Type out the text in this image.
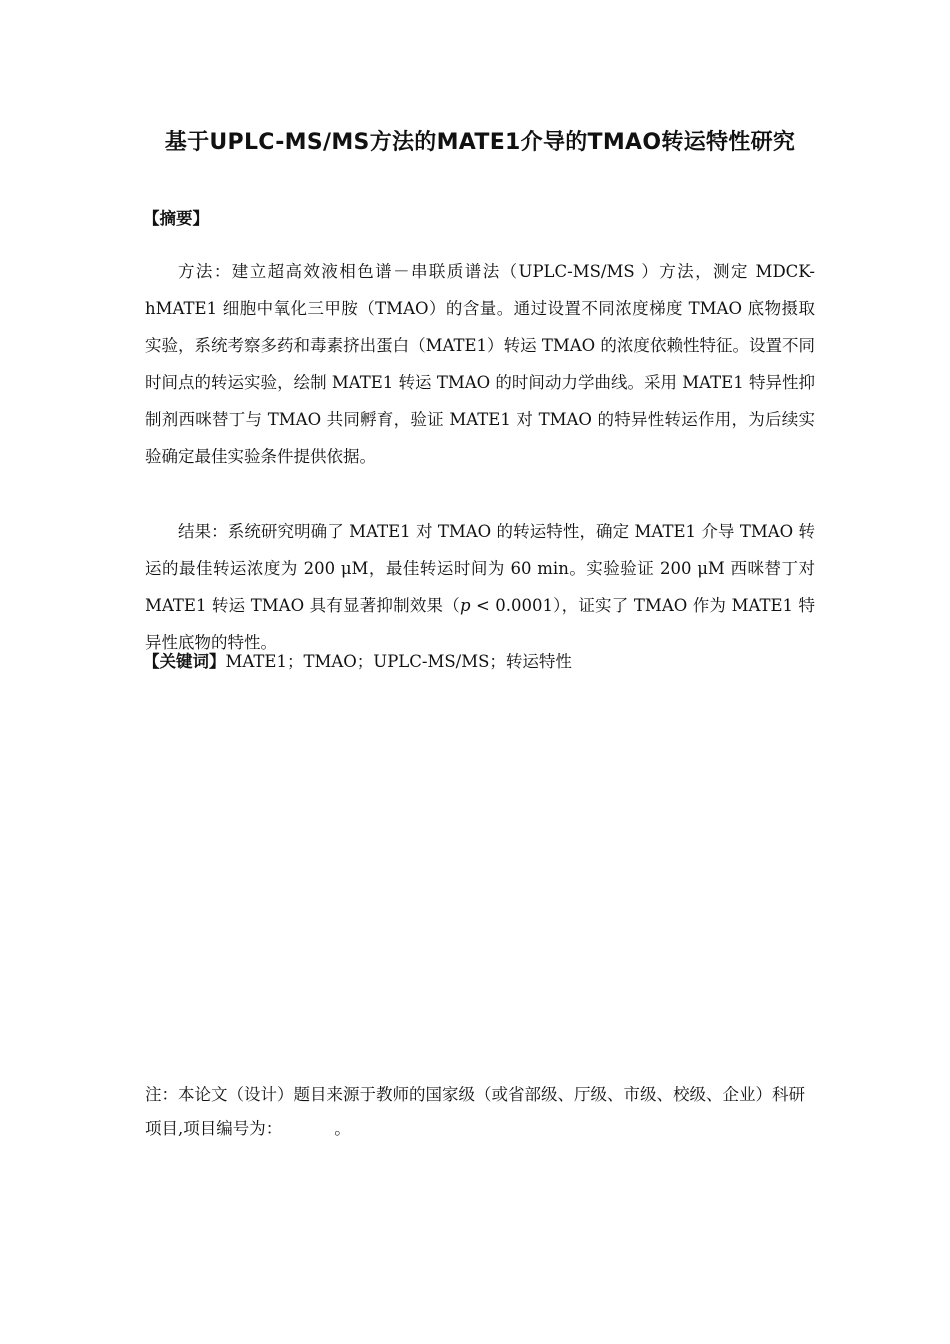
基于UPLC-MS/MS方法的MATE1介导的TMAO转运特性研究
【摘要】

方法：建立超高效液相色谱－串联质谱法（UPLC-MS/MS ）方法，测定 MDCK-hMATE1 细胞中氧化三甲胺（TMAO）的含量。通过设置不同浓度梯度 TMAO 底物摄取实验，系统考察多药和毒素挤出蛋白（MATE1）转运 TMAO 的浓度依赖性特征。设置不同时间点的转运实验，绘制 MATE1 转运 TMAO 的时间动力学曲线。采用 MATE1 特异性抑制剂西咪替丁与 TMAO 共同孵育，验证 MATE1 对 TMAO 的特异性转运作用，为后续实验确定最佳实验条件提供依据。

结果：系统研究明确了 MATE1 对 TMAO 的转运特性，确定 MATE1 介导 TMAO 转运的最佳转运浓度为 200 μM，最佳转运时间为 60 min。实验验证 200 μM 西咪替丁对 MATE1 转运 TMAO 具有显著抑制效果（p < 0.0001），证实了 TMAO 作为 MATE1 特异性底物的特性。

【关键词】MATE1；TMAO；UPLC-MS/MS；转运特性
注：本论文（设计）题目来源于教师的国家级（或省部级、厅级、市级、校级、企业）科研项目,项目编号为：	。
